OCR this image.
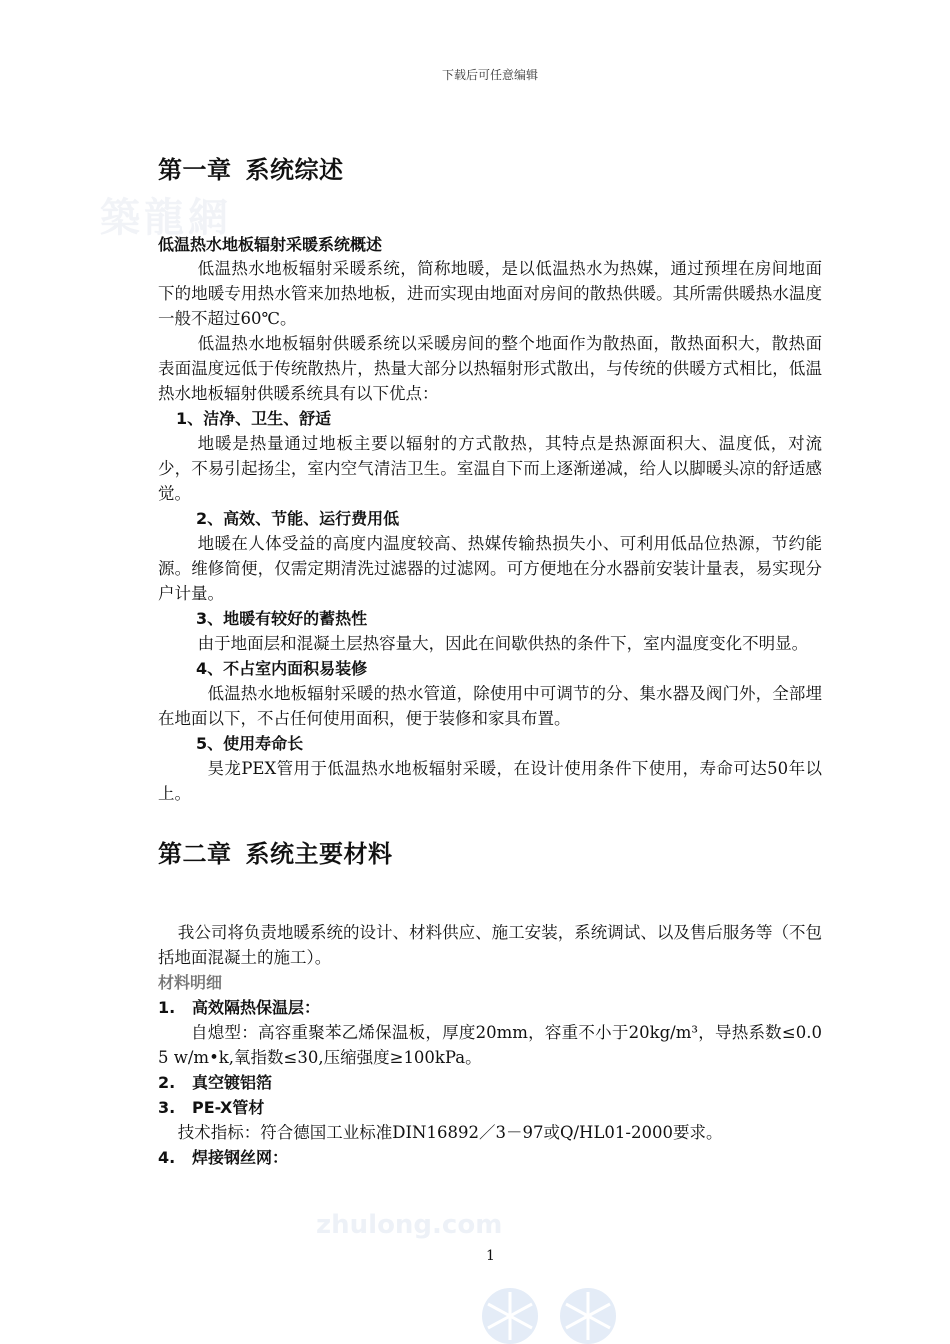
築龍網
zhulong.com
下载后可任意编辑
第一章 系统综述
低温热水地板辐射采暖系统概述

低温热水地板辐射采暖系统，简称地暖，是以低温热水为热媒，通过预埋在房间地面下的地暖专用热水管来加热地板，进而实现由地面对房间的散热供暖。其所需供暖热水温度一般不超过60℃。

低温热水地板辐射供暖系统以采暖房间的整个地面作为散热面，散热面积大，散热面表面温度远低于传统散热片，热量大部分以热辐射形式散出，与传统的供暖方式相比，低温热水地板辐射供暖系统具有以下优点：

1、洁净、卫生、舒适

地暖是热量通过地板主要以辐射的方式散热，其特点是热源面积大、温度低，对流少，不易引起扬尘，室内空气清洁卫生。室温自下而上逐渐递减，给人以脚暖头凉的舒适感觉。

2、高效、节能、运行费用低

地暖在人体受益的高度内温度较高、热媒传输热损失小、可利用低品位热源，节约能源。维修简便，仅需定期清洗过滤器的过滤网。可方便地在分水器前安装计量表，易实现分户计量。

3、地暖有较好的蓄热性

由于地面层和混凝土层热容量大，因此在间歇供热的条件下，室内温度变化不明显。

4、不占室内面积易装修

低温热水地板辐射采暖的热水管道，除使用中可调节的分、集水器及阀门外，全部埋在地面以下，不占任何使用面积，便于装修和家具布置。

5、使用寿命长

昊龙PEX管用于低温热水地板辐射采暖，在设计使用条件下使用，寿命可达50年以上。

第二章 系统主要材料

我公司将负责地暖系统的设计、材料供应、施工安装，系统调试、以及售后服务等（不包括地面混凝土的施工）。

材料明细
1. 高效隔热保温层：

自熄型：高容重聚苯乙烯保温板，厚度20mm，容重不小于20kg/m³，导热系数≤0.0 5 w/m•k,氧指数≤30,压缩强度≥100kPa。

2. 真空镀铝箔
3. PE-X管材

技术指标：符合德国工业标准DIN16892／3－97或Q/HL01-2000要求。

4. 焊接钢丝网：
1
